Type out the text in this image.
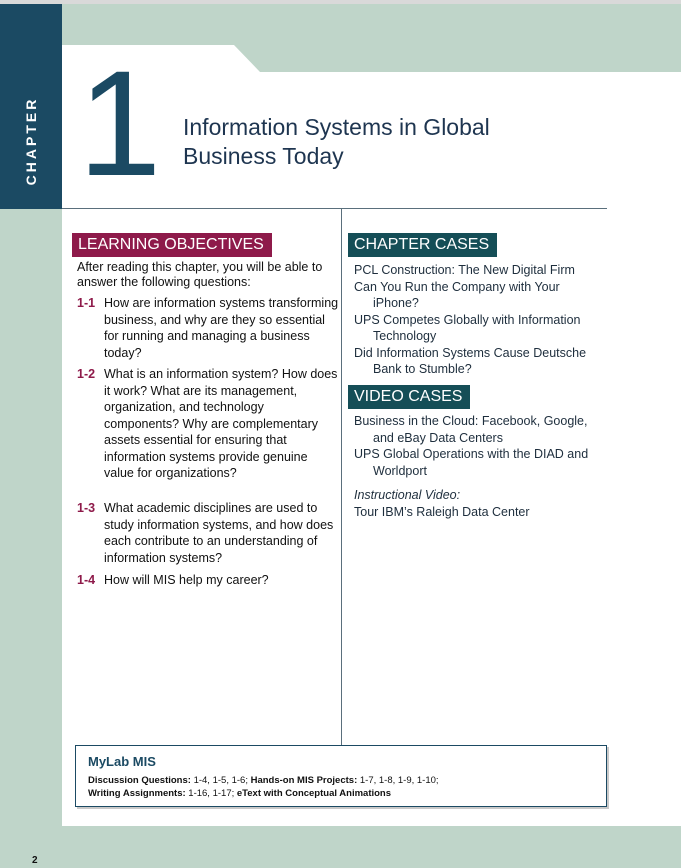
CHAPTER 1 Information Systems in Global
Business Today
LEARNING OBJECTIVES
After reading this chapter, you will be able to answer the following questions:
1-1 How are information systems transforming business, and why are they so essential for running and managing a business today?
1-2 What is an information system? How does it work? What are its management, organization, and technology components? Why are complementary assets essential for ensuring that information systems provide genuine value for organizations?
1-3 What academic disciplines are used to study information systems, and how does each contribute to an understanding of information systems?
1-4 How will MIS help my career?
CHAPTER CASES
PCL Construction: The New Digital Firm
Can You Run the Company with Your iPhone?
UPS Competes Globally with Information Technology
Did Information Systems Cause Deutsche Bank to Stumble?
VIDEO CASES
Business in the Cloud: Facebook, Google, and eBay Data Centers
UPS Global Operations with the DIAD and Worldport
Instructional Video:
Tour IBM’s Raleigh Data Center
MyLab MIS
Discussion Questions: 1-4, 1-5, 1-6; Hands-on MIS Projects: 1-7, 1-8, 1-9, 1-10;
Writing Assignments: 1-16, 1-17; eText with Conceptual Animations
2
